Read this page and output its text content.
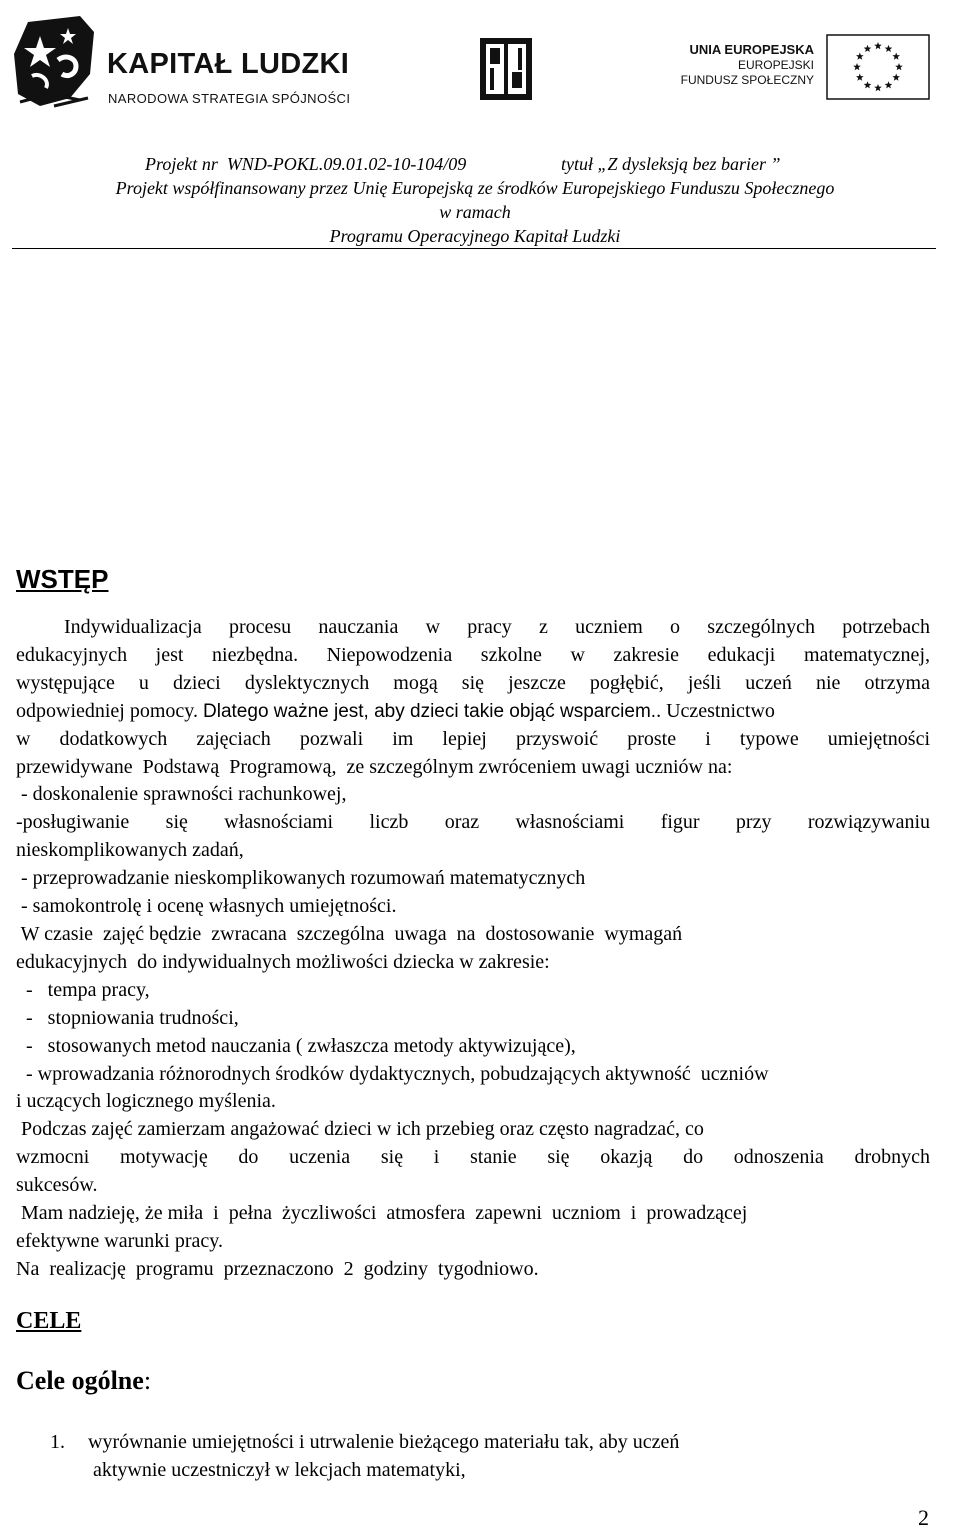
KAPITAŁ LUDZKI
NARODOWA STRATEGIA SPÓJNOŚCI
UNIA EUROPEJSKA
EUROPEJSKI
FUNDUSZ SPOŁECZNY
Projekt nr  WND-POKL.09.01.02-10-104/09	tytuł „Z dysleksją bez barier ”
Projekt współfinansowany przez Unię Europejską ze środków Europejskiego Funduszu Społecznego
w ramach
Programu Operacyjnego Kapitał Ludzki
WSTĘP
Indywidualizacja procesu nauczania w pracy z uczniem o szczególnych potrzebach
edukacyjnych jest niezbędna. Niepowodzenia szkolne w zakresie edukacji matematycznej,
występujące u dzieci dyslektycznych mogą się jeszcze pogłębić, jeśli uczeń nie otrzyma
odpowiedniej pomocy. Dlatego ważne jest, aby dzieci takie objąć wsparciem.. Uczestnictwo
w dodatkowych zajęciach pozwali im lepiej przyswoić proste i typowe umiejętności
przewidywane  Podstawą  Programową,  ze szczególnym zwróceniem uwagi uczniów na:
- doskonalenie sprawności rachunkowej,
-posługiwanie się własnościami liczb oraz własnościami figur przy rozwiązywaniu
nieskomplikowanych zadań,
- przeprowadzanie nieskomplikowanych rozumowań matematycznych
- samokontrolę i ocenę własnych umiejętności.
W czasie  zajęć będzie  zwracana  szczególna  uwaga  na  dostosowanie  wymagań
edukacyjnych  do indywidualnych możliwości dziecka w zakresie:
-   tempa pracy,
-   stopniowania trudności,
-   stosowanych metod nauczania ( zwłaszcza metody aktywizujące),
- wprowadzania różnorodnych środków dydaktycznych, pobudzających aktywność  uczniów
i uczących logicznego myślenia.
Podczas zajęć zamierzam angażować dzieci w ich przebieg oraz często nagradzać, co
wzmocni motywację do uczenia się i stanie się okazją do odnoszenia drobnych
sukcesów.
Mam nadzieję, że miła  i  pełna  życzliwości  atmosfera  zapewni  uczniom  i  prowadzącej
efektywne warunki pracy.
Na  realizację  programu  przeznaczono  2  godziny  tygodniowo.
CELE
Cele ogólne:
1. wyrównanie umiejętności i utrwalenie bieżącego materiału tak, aby uczeń
aktywnie uczestniczył w lekcjach matematyki,
2
